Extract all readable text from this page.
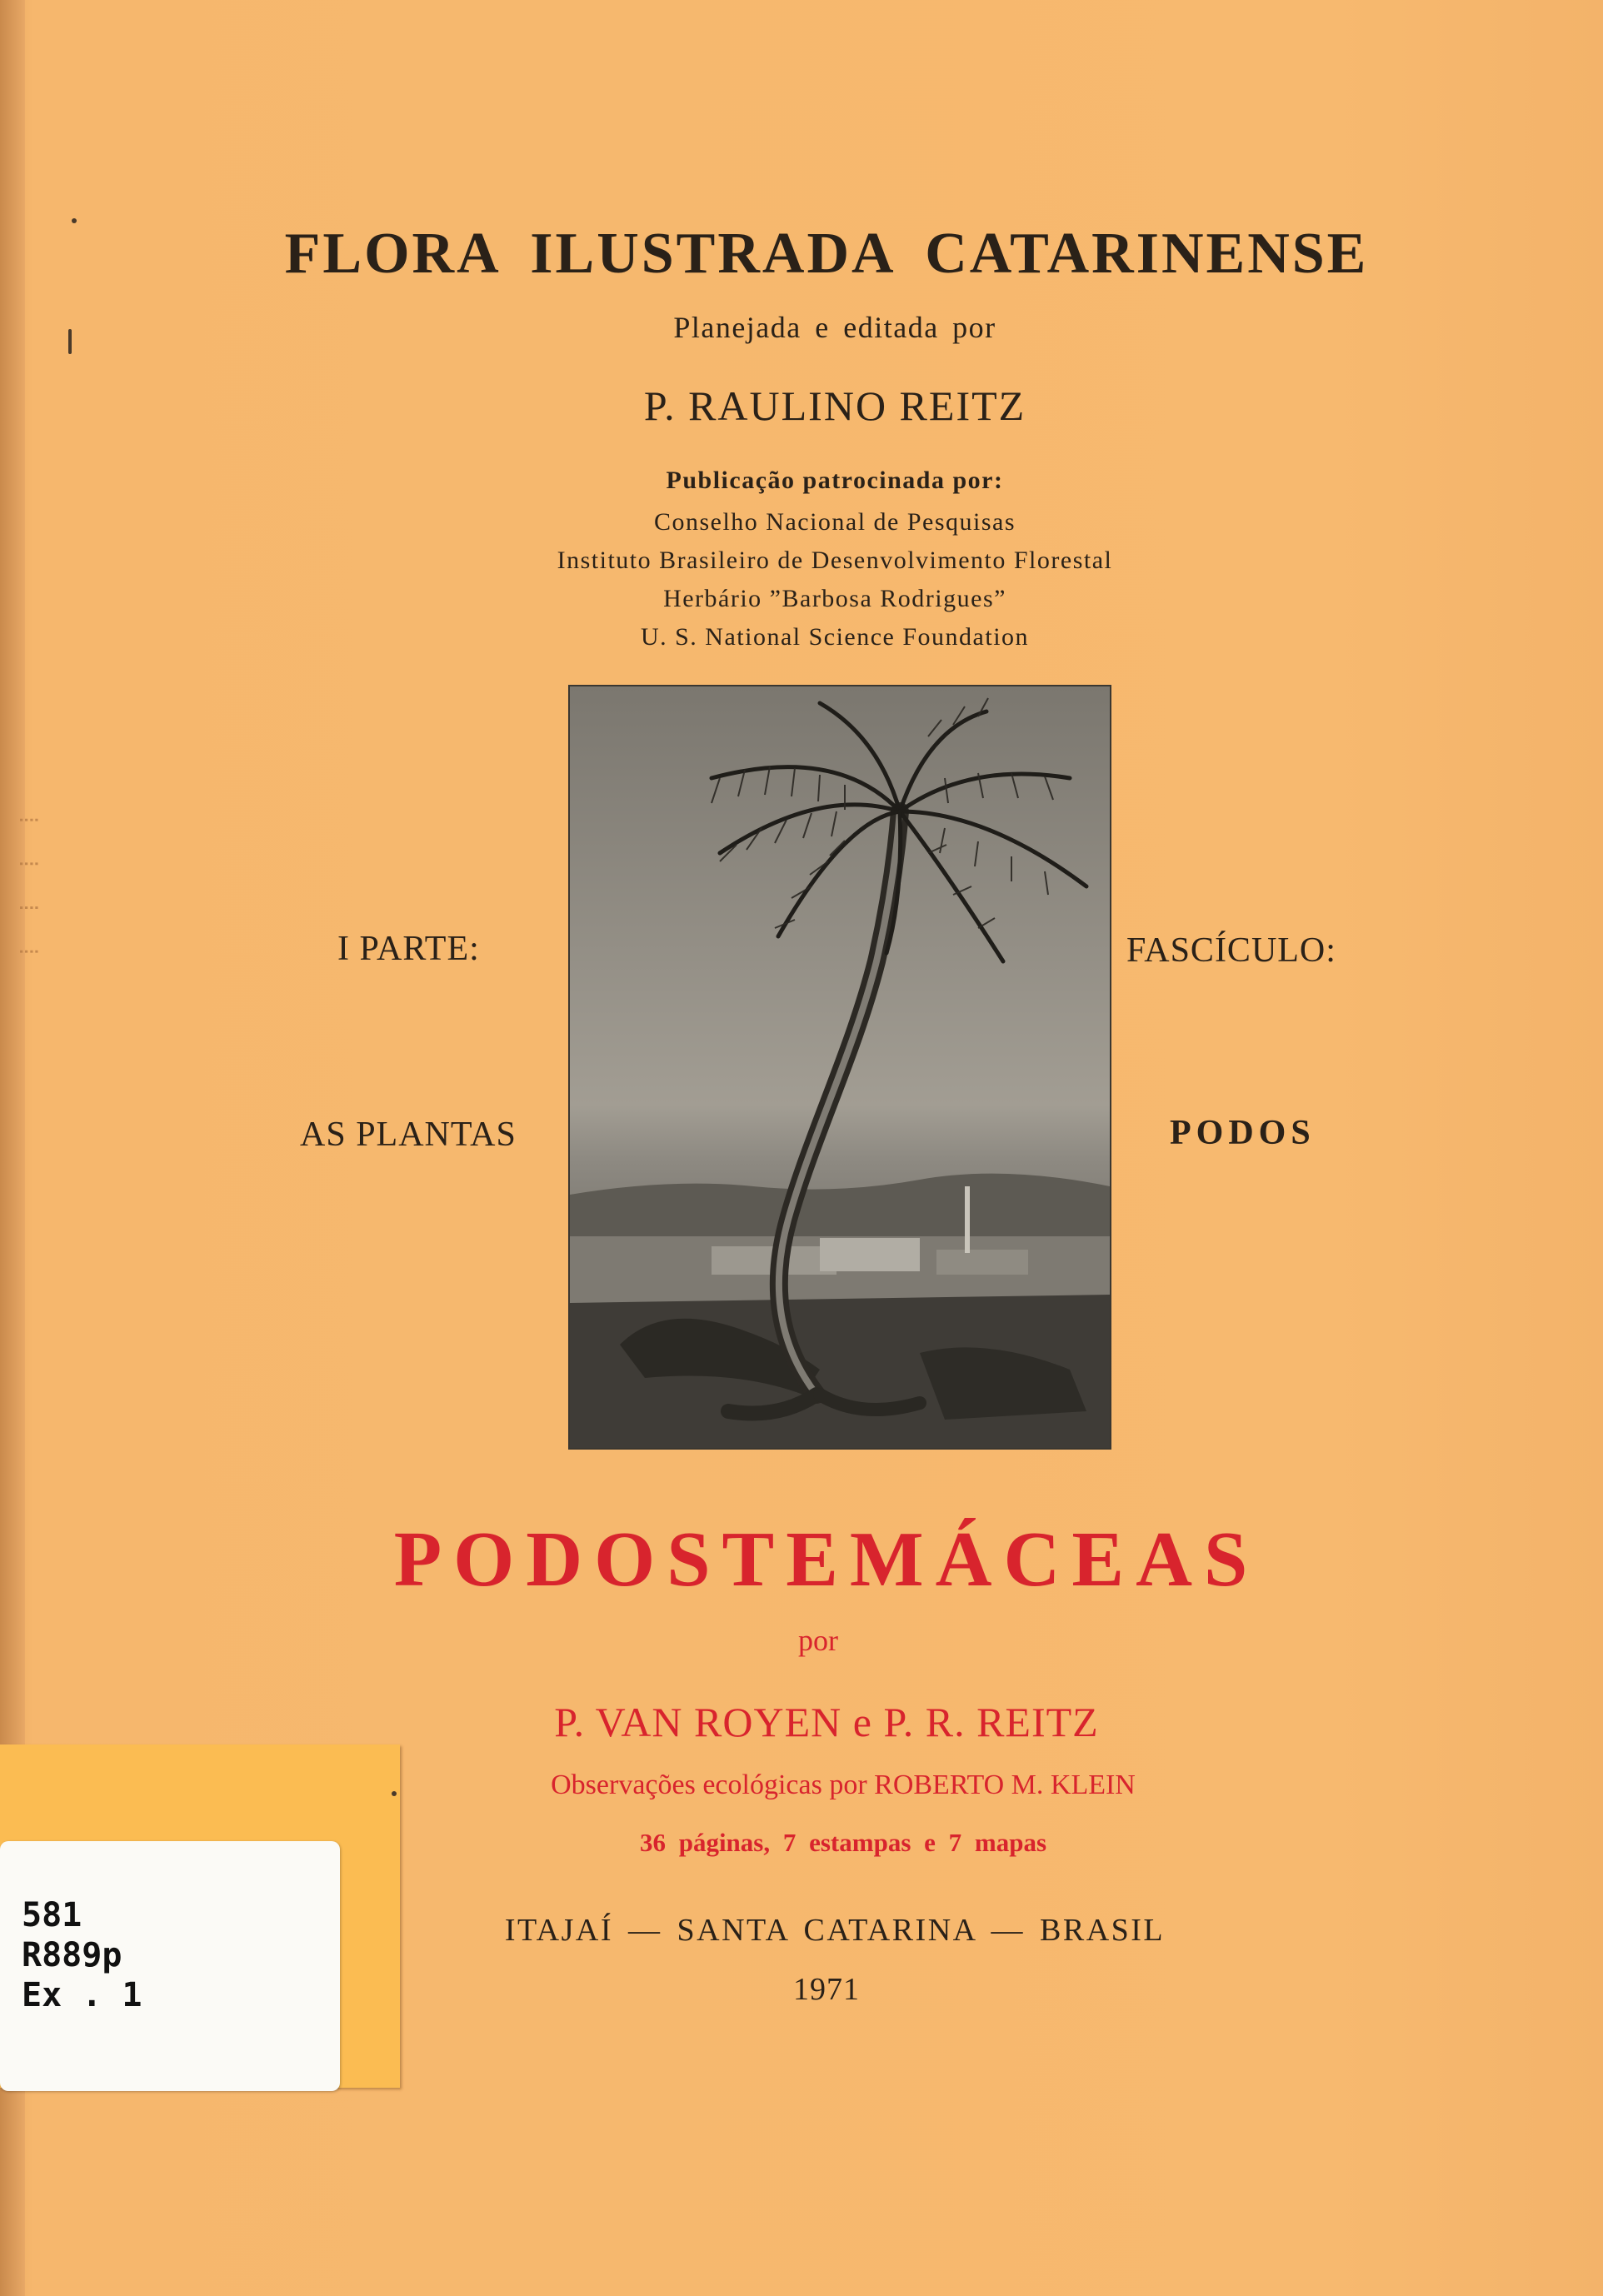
⁞ ⁞ ⁞ ⁞
FLORA ILUSTRADA CATARINENSE
Planejada e editada por
P. RAULINO REITZ
Publicação patrocinada por:
Conselho Nacional de Pesquisas
Instituto Brasileiro de Desenvolvimento Florestal
Herbário ”Barbosa Rodrigues”
U. S. National Science Foundation
I PARTE:
AS PLANTAS
FASCÍCULO:
PODOS
PODOSTEMÁCEAS
por
P. VAN ROYEN e P. R. REITZ
Observações ecológicas por ROBERTO M. KLEIN
36 páginas, 7 estampas e 7 mapas
ITAJAÍ — SANTA CATARINA — BRASIL
1971
581
R889p
Ex . 1
